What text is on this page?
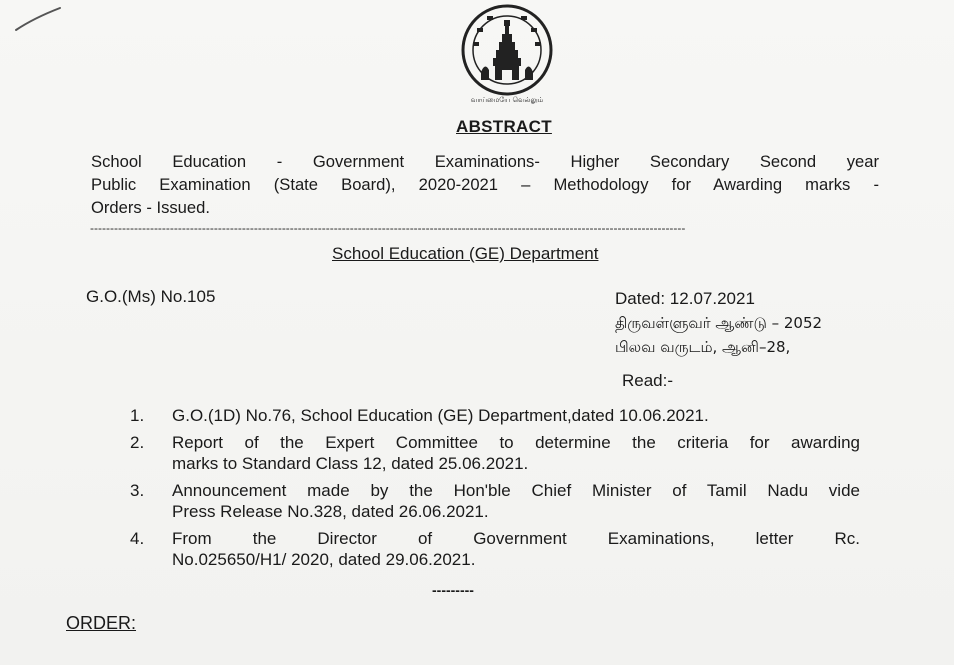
வாய்மையே வெல்லும்
ABSTRACT
School Education - Government Examinations- Higher Secondary Second year
Public Examination (State Board), 2020-2021 – Methodology for Awarding marks -
Orders - Issued.
-----------------------------------------------------------------------------------------------------------------------------------------------------
School Education (GE) Department
G.O.(Ms) No.105	Dated: 12.07.2021
திருவள்ளுவர் ஆண்டு – 2052
பிலவ வருடம், ஆனி–28,
Read:-
1.	G.O.(1D) No.76, School Education (GE) Department,dated 10.06.2021.
2.	Report of the Expert Committee to determine the criteria for awarding
marks to Standard Class 12, dated 25.06.2021.
3.	Announcement made by the Hon'ble Chief Minister of Tamil Nadu vide
Press Release No.328, dated 26.06.2021.
4.	From the Director of Government Examinations, letter Rc.
No.025650/H1/ 2020, dated 29.06.2021.
---------
ORDER:
